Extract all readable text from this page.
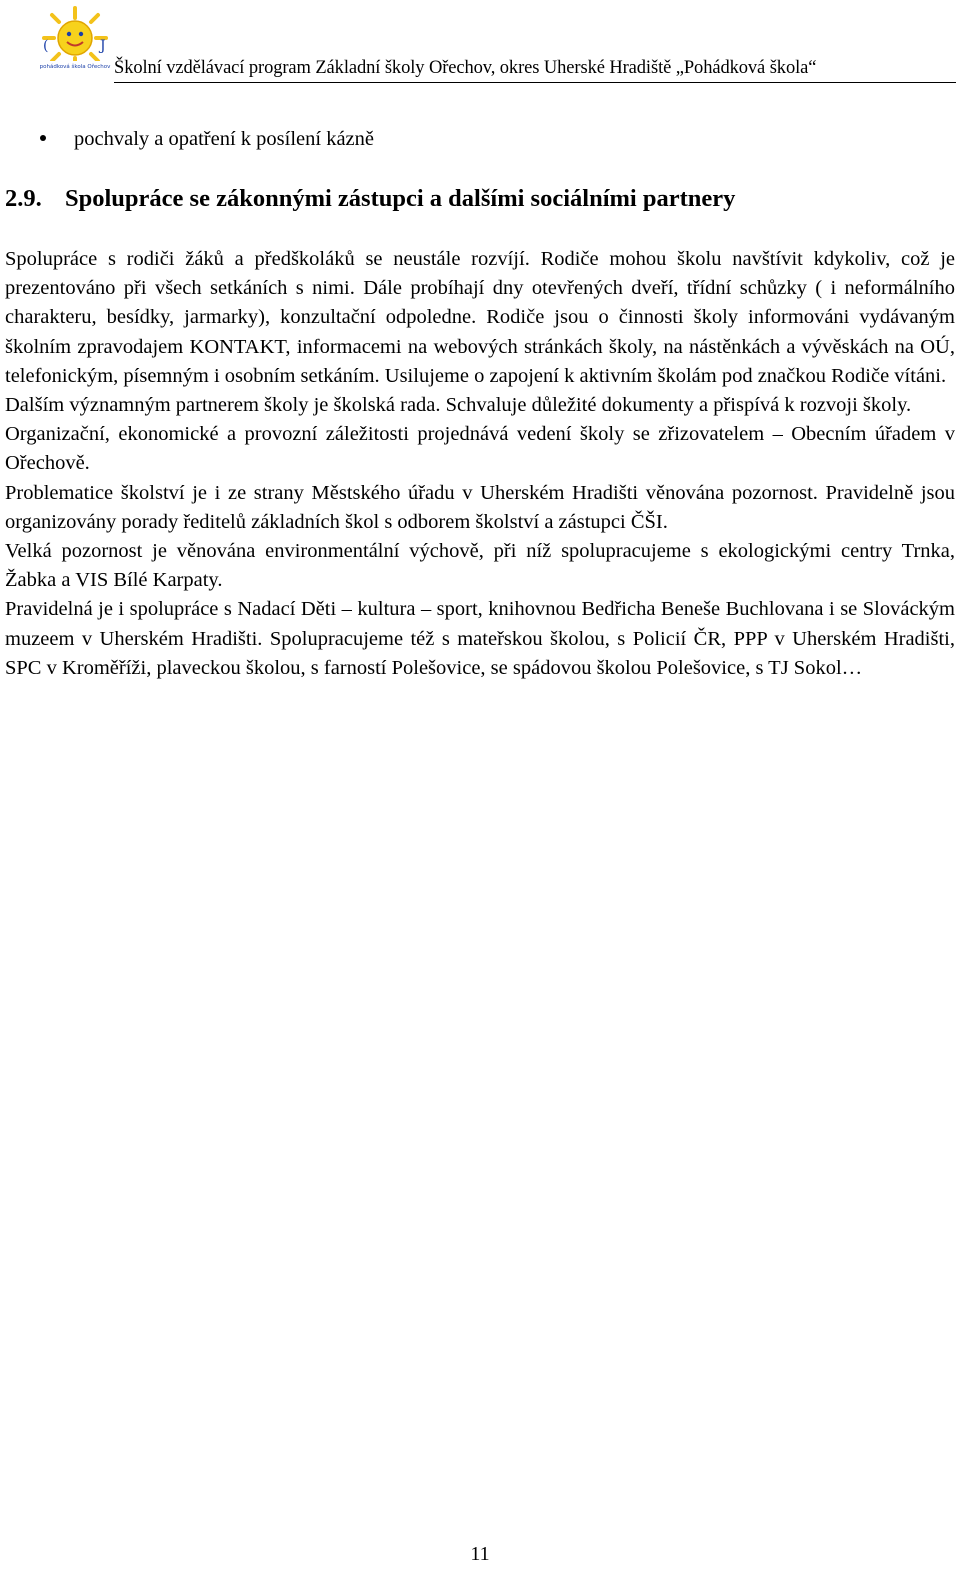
(	J
pohádková škola Ořechov Školní vzdělávací program Základní školy Ořechov, okres Uherské Hradiště „Pohádková škola“
pochvaly a opatření k posílení kázně
2.9. Spolupráce se zákonnými zástupci a dalšími sociálními partnery

Spolupráce s rodiči žáků a předškoláků se neustále rozvíjí. Rodiče mohou školu navštívit kdykoliv, což je prezentováno při všech setkáních s nimi. Dále probíhají dny otevřených dveří, třídní schůzky ( i neformálního charakteru, besídky, jarmarky), konzultační odpoledne. Rodiče jsou o činnosti školy informováni vydávaným školním zpravodajem KONTAKT, informacemi na webových stránkách školy, na nástěnkách a vývěskách na OÚ, telefonickým, písemným i osobním setkáním. Usilujeme o zapojení k aktivním školám pod značkou Rodiče vítáni.

Dalším významným partnerem školy je školská rada. Schvaluje důležité dokumenty a přispívá k rozvoji školy.

Organizační, ekonomické a provozní záležitosti projednává vedení školy se zřizovatelem – Obecním úřadem v Ořechově.

Problematice školství je i ze strany Městského úřadu v Uherském Hradišti věnována pozornost. Pravidelně jsou organizovány porady ředitelů základních škol s odborem školství a zástupci ČŠI.

Velká pozornost je věnována environmentální výchově, při níž spolupracujeme s ekologickými centry Trnka, Žabka a VIS Bílé Karpaty.

Pravidelná je i spolupráce s Nadací Děti – kultura – sport, knihovnou Bedřicha Beneše Buchlovana i se Slováckým muzeem v Uherském Hradišti. Spolupracujeme též s mateřskou školou, s Policií ČR, PPP v Uherském Hradišti, SPC v Kroměříži, plaveckou školou, s farností Polešovice, se spádovou školou Polešovice, s TJ Sokol…

11
